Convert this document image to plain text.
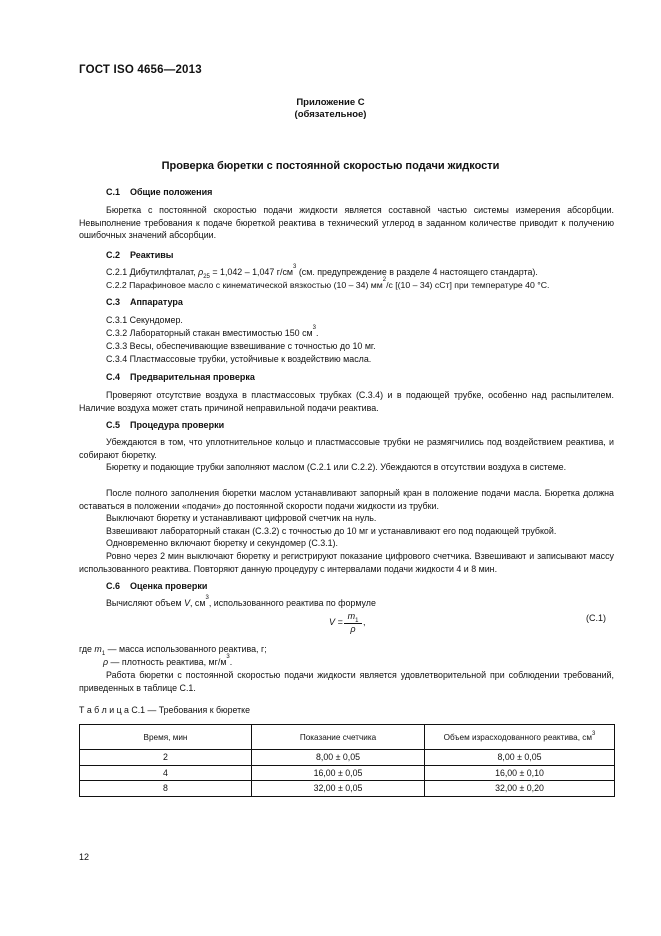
ГОСТ ISO 4656—2013
Приложение С
(обязательное)
Проверка бюретки с постоянной скоростью подачи жидкости
С.1 Общие положения
Бюретка с постоянной скоростью подачи жидкости является составной частью системы измерения абсорбции. Невыполнение требования к подаче бюреткой реактива в технический углерод в заданном количестве приводит к получению ошибочных значений абсорбции.
С.2 Реактивы
С.2.1 Дибутилфталат, $\rho_{25} = 1,042 - 1,047$ $г/см^3$ (см. предупреждение в разделе 4 настоящего стандарта).
С.2.2 Парафиновое масло с кинематической вязкостью (10 – 34) $мм^2/с$ [(10 – 34) сСт] при температуре 40 °С.
С.3 Аппаратура
С.3.1 Секундомер.
С.3.2 Лабораторный стакан вместимостью 150 $см^3$.
С.3.3 Весы, обеспечивающие взвешивание с точностью до 10 мг.
С.3.4 Пластмассовые трубки, устойчивые к воздействию масла.
С.4 Предварительная проверка
Проверяют отсутствие воздуха в пластмассовых трубках (С.3.4) и в подающей трубке, особенно над распылителем. Наличие воздуха может стать причиной неправильной подачи реактива.
С.5 Процедура проверки
Убеждаются в том, что уплотнительное кольцо и пластмассовые трубки не размягчились под воздействием реактива, и собирают бюретку.
Бюретку и подающие трубки заполняют маслом (С.2.1 или С.2.2). Убеждаются в отсутствии воздуха в системе.
После полного заполнения бюретки маслом устанавливают запорный кран в положение подачи масла. Бюретка должна оставаться в положении «подачи» до постоянной скорости подачи жидкости из трубки.
Выключают бюретку и устанавливают цифровой счетчик на нуль.
Взвешивают лабораторный стакан (С.3.2) с точностью до 10 мг и устанавливают его под подающей трубкой.
Одновременно включают бюретку и секундомер (С.3.1).
Ровно через 2 мин выключают бюретку и регистрируют показание цифрового счетчика. Взвешивают и записывают массу использованного реактива. Повторяют данную процедуру с интервалами подачи жидкости 4 и 8 мин.
С.6 Оценка проверки
Вычисляют объем V, $см^3$, использованного реактива по формуле
$V = \frac{m_1}{\rho}$ ,	(С.1)
где $m_1$ — масса использованного реактива, г;
ρ — плотность реактива, $мг/м^3$.
Работа бюретки с постоянной скоростью подачи жидкости является удовлетворительной при соблюдении требований, приведенных в таблице С.1.
Т а б л и ц а С.1 — Требования к бюретке
Время, мин	Показание счетчика	Объем израсходованного реактива, $см^3$
2	8,00 ± 0,05	8,00 ± 0,05
4	16,00 ± 0,05	16,00 ± 0,10
8	32,00 ± 0,05	32,00 ± 0,20
12
